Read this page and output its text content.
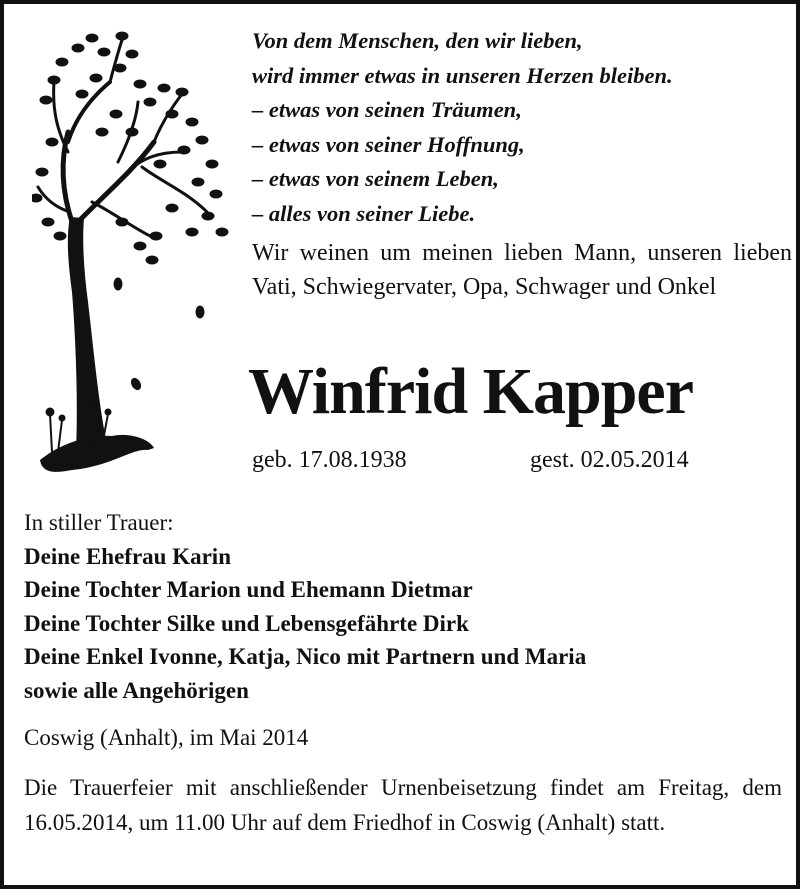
Von dem Menschen, den wir lieben,
wird immer etwas in unseren Herzen bleiben.
– etwas von seinen Träumen,
– etwas von seiner Hoffnung,
– etwas von seinem Leben,
– alles von seiner Liebe.
Wir weinen um meinen lieben Mann, unseren lieben Vati, Schwiegervater, Opa, Schwager und Onkel
Winfrid Kapper
geb. 17.08.1938	gest. 02.05.2014
In stiller Trauer:
Deine Ehefrau Karin
Deine Tochter Marion und Ehemann Dietmar
Deine Tochter Silke und Lebensgefährte Dirk
Deine Enkel Ivonne, Katja, Nico mit Partnern und Maria
sowie alle Angehörigen
Coswig (Anhalt), im Mai 2014
Die Trauerfeier mit anschließender Urnenbeisetzung findet am Freitag, dem 16.05.2014, um 11.00 Uhr auf dem Friedhof in Coswig (Anhalt) statt.
